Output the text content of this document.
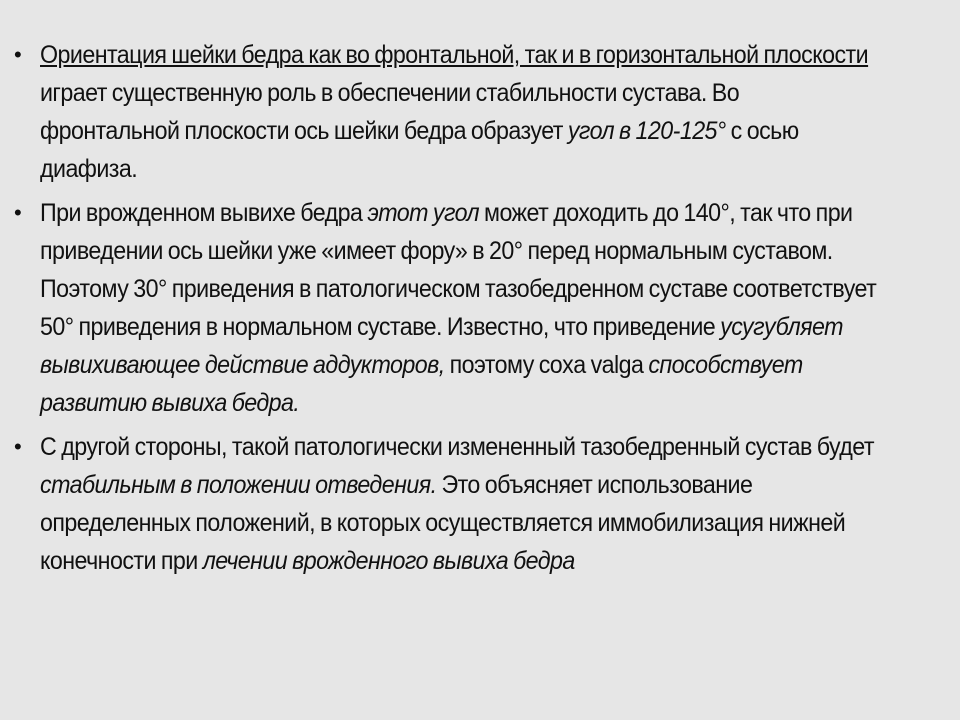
• Ориентация шейки бедра как во фронтальной, так и в горизонтальной плоскости играет существенную роль в обеспечении стабильности сустава. Во фронтальной плоскости ось шейки бедра образует угол в 120-125° с осью диафиза.
• При врожденном вывихе бедра этот угол может доходить до 140°, так что при приведении ось шейки уже «имеет фору» в 20° перед нормальным суставом. Поэтому 30° приведения в патологическом тазобедренном суставе соответствует 50° приведения в нормальном суставе. Известно, что приведение усугубляет вывихивающее действие аддукторов, поэтому coxa valga способствует развитию вывиха бедра.
• С другой стороны, такой патологически измененный тазобедренный сустав будет стабильным в положении отведения. Это объясняет использование определенных положений, в которых осуществляется иммобилизация нижней конечности при лечении врожденного вывиха бедра
